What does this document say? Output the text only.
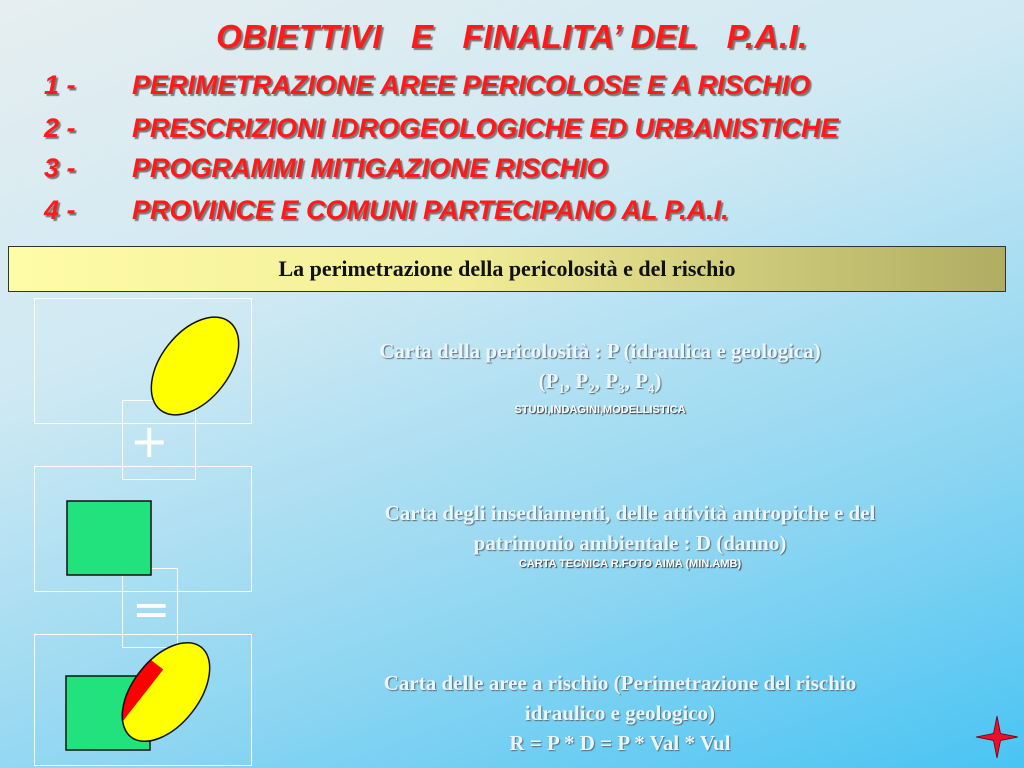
OBIETTIVI   E   FINALITA’ DEL   P.A.I.
1 - PERIMETRAZIONE AREE PERICOLOSE E A RISCHIO
2 - PRESCRIZIONI IDROGEOLOGICHE ED URBANISTICHE
3 - PROGRAMMI MITIGAZIONE RISCHIO
4 - PROVINCE E COMUNI PARTECIPANO AL P.A.I.
La perimetrazione della pericolosità e del rischio
+
=
Carta della pericolosità : P (idraulica e geologica)
($P_1$, $P_2$, $P_3$, $P_4$)
STUDI,INDAGINI,MODELLISTICA
Carta degli insediamenti, delle attività antropiche e del
patrimonio ambientale : D (danno)
CARTA TECNICA R.FOTO AIMA (MIN.AMB)
Carta delle aree a rischio (Perimetrazione del rischio
idraulico e geologico)
R = P * D = P * Val * Vul
